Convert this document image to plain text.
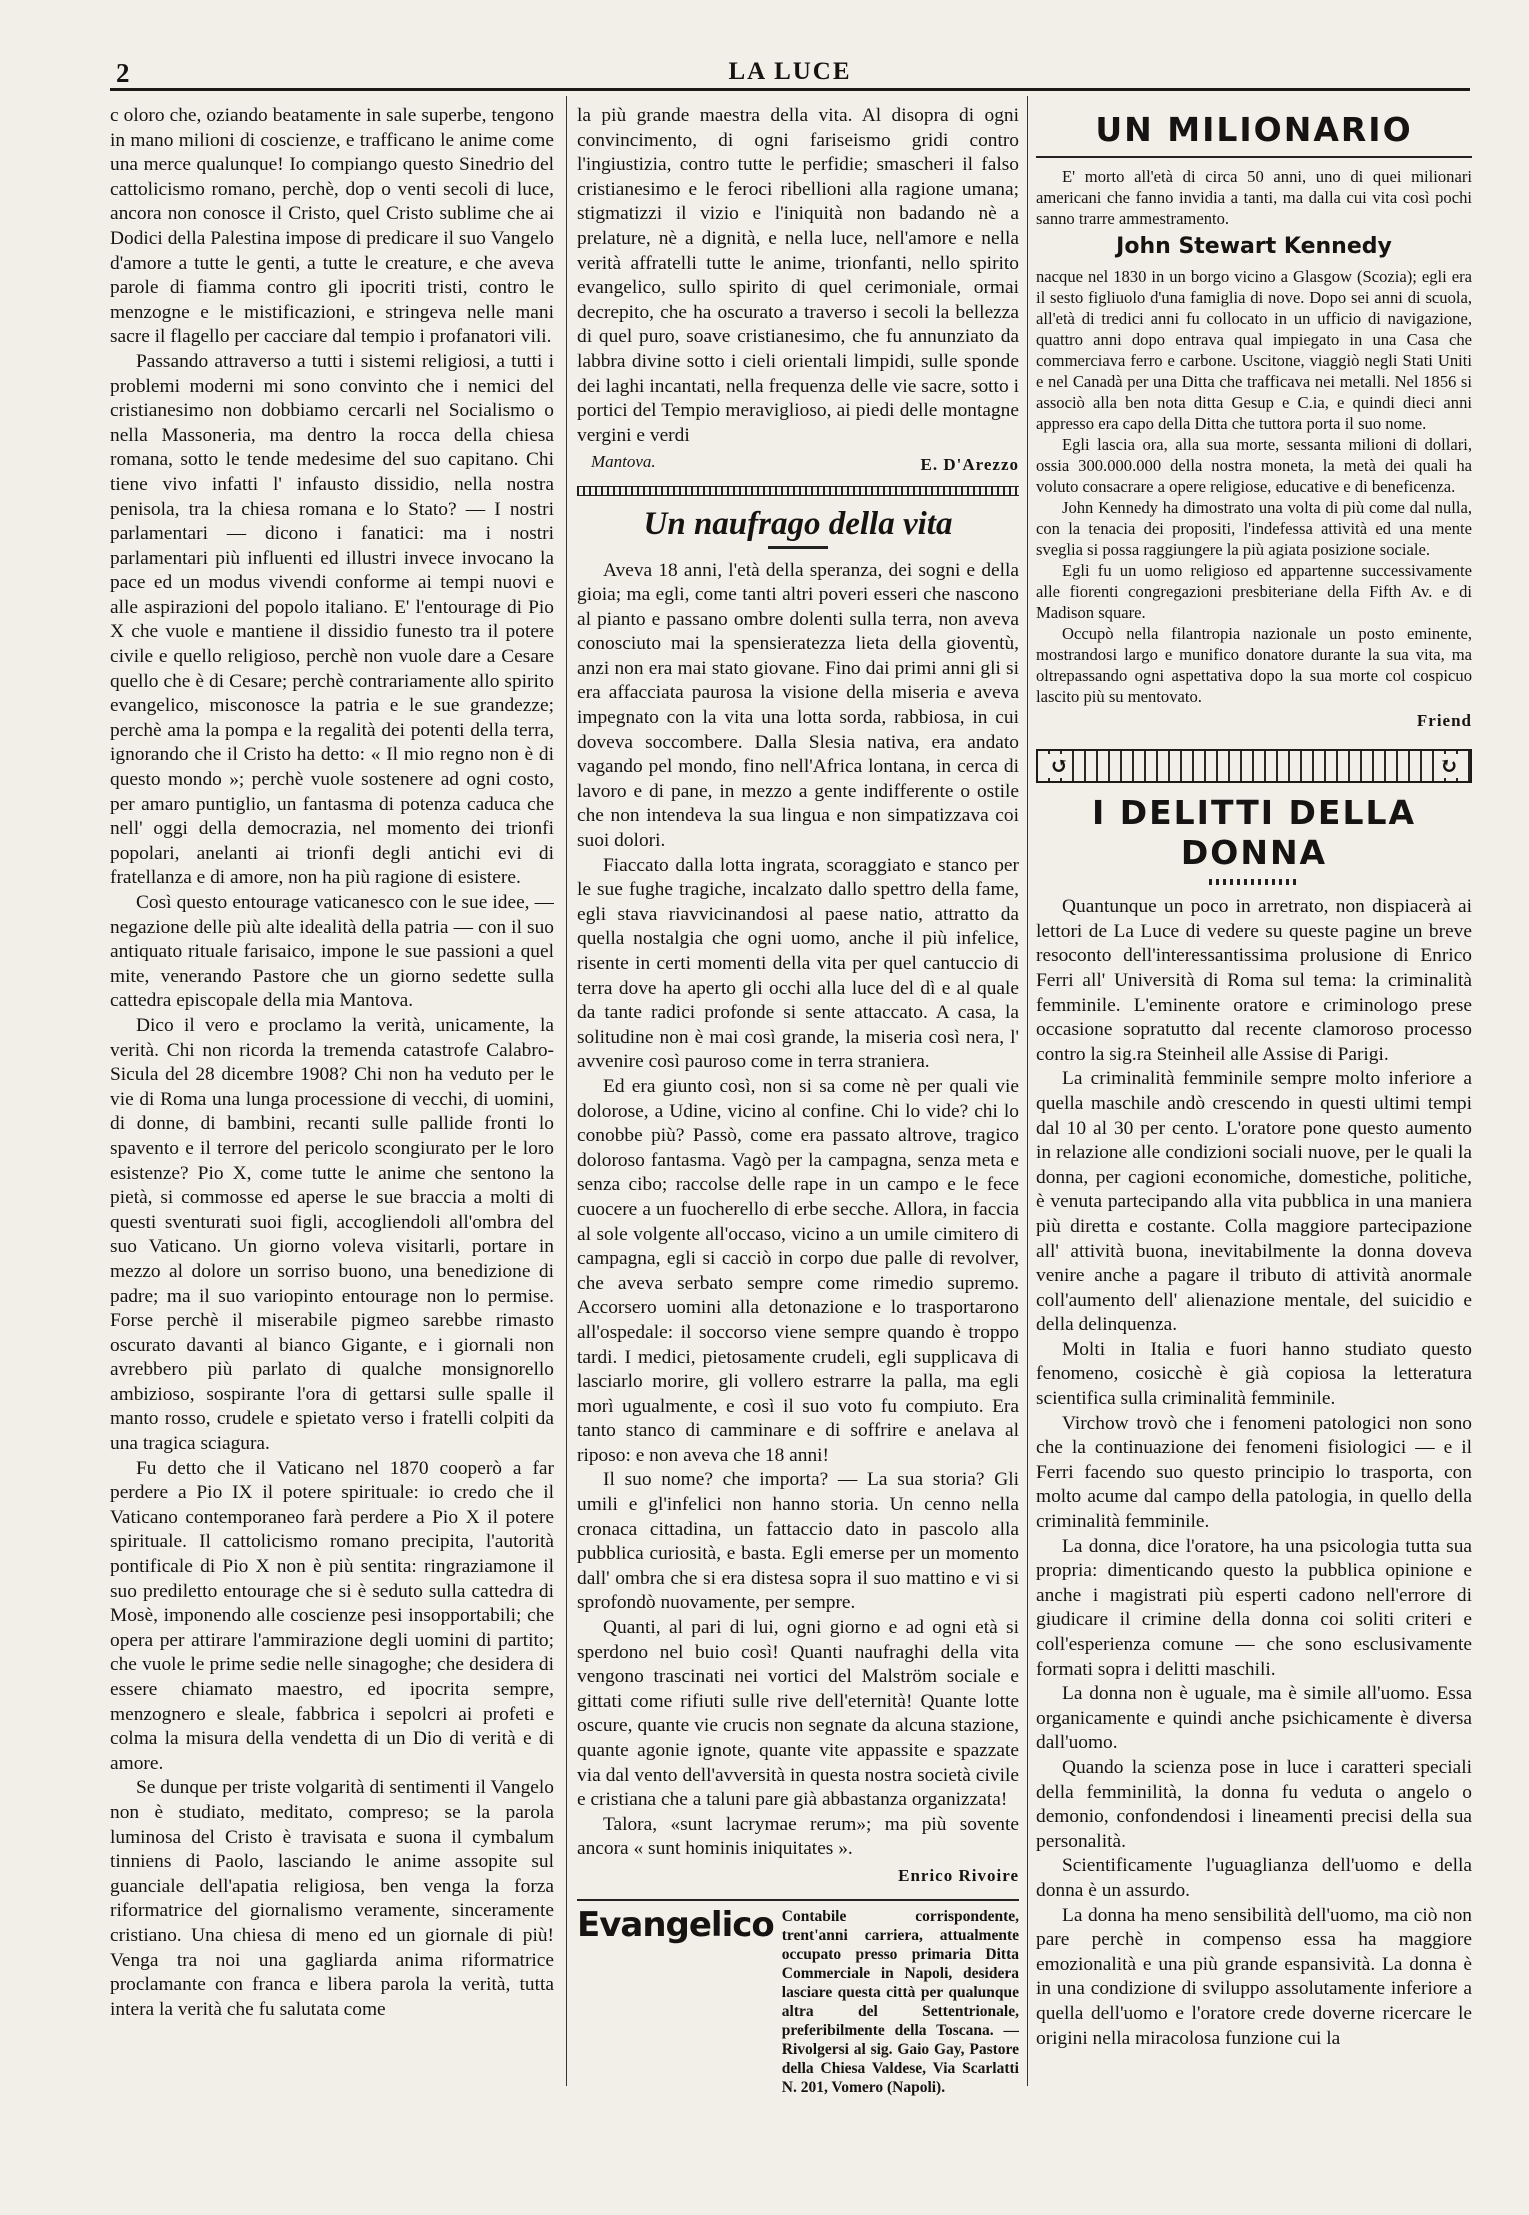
2	LA LUCE

c oloro che, oziando beatamente in sale superbe, tengono in mano milioni di coscienze, e trafficano le anime come una merce qualunque! Io compiango questo Sinedrio del cattolicismo romano, perchè, dop o venti secoli di luce, ancora non conosce il Cristo, quel Cristo sublime che ai Dodici della Palestina impose di predicare il suo Vangelo d'amore a tutte le genti, a tutte le creature, e che aveva parole di fiamma contro gli ipocriti tristi, contro le menzogne e le mistificazioni, e stringeva nelle mani sacre il flagello per cacciare dal tempio i profanatori vili.

Passando attraverso a tutti i sistemi religiosi, a tutti i problemi moderni mi sono convinto che i nemici del cristianesimo non dobbiamo cercarli nel Socialismo o nella Massoneria, ma dentro la rocca della chiesa romana, sotto le tende medesime del suo capitano. Chi tiene vivo infatti l' infausto dissidio, nella nostra penisola, tra la chiesa romana e lo Stato? — I nostri parlamentari — dicono i fanatici: ma i nostri parlamentari più influenti ed illustri invece invocano la pace ed un modus vivendi conforme ai tempi nuovi e alle aspirazioni del popolo italiano. E' l'entourage di Pio X che vuole e mantiene il dissidio funesto tra il potere civile e quello religioso, perchè non vuole dare a Cesare quello che è di Cesare; perchè contrariamente allo spirito evangelico, misconosce la patria e le sue grandezze; perchè ama la pompa e la regalità dei potenti della terra, ignorando che il Cristo ha detto: « Il mio regno non è di questo mondo »; perchè vuole sostenere ad ogni costo, per amaro puntiglio, un fantasma di potenza caduca che nell' oggi della democrazia, nel momento dei trionfi popolari, anelanti ai trionfi degli antichi evi di fratellanza e di amore, non ha più ragione di esistere.

Così questo entourage vaticanesco con le sue idee, — negazione delle più alte idealità della patria — con il suo antiquato rituale farisaico, impone le sue passioni a quel mite, venerando Pastore che un giorno sedette sulla cattedra episcopale della mia Mantova.

Dico il vero e proclamo la verità, unicamente, la verità. Chi non ricorda la tremenda catastrofe Calabro-Sicula del 28 dicembre 1908? Chi non ha veduto per le vie di Roma una lunga processione di vecchi, di uomini, di donne, di bambini, recanti sulle pallide fronti lo spavento e il terrore del pericolo scongiurato per le loro esistenze? Pio X, come tutte le anime che sentono la pietà, si commosse ed aperse le sue braccia a molti di questi sventurati suoi figli, accogliendoli all'ombra del suo Vaticano. Un giorno voleva visitarli, portare in mezzo al dolore un sorriso buono, una benedizione di padre; ma il suo variopinto entourage non lo permise. Forse perchè il miserabile pigmeo sarebbe rimasto oscurato davanti al bianco Gigante, e i giornali non avrebbero più parlato di qualche monsignorello ambizioso, sospirante l'ora di gettarsi sulle spalle il manto rosso, crudele e spietato verso i fratelli colpiti da una tragica sciagura.

Fu detto che il Vaticano nel 1870 cooperò a far perdere a Pio IX il potere spirituale: io credo che il Vaticano contemporaneo farà perdere a Pio X il potere spirituale. Il cattolicismo romano precipita, l'autorità pontificale di Pio X non è più sentita: ringraziamone il suo prediletto entourage che si è seduto sulla cattedra di Mosè, imponendo alle coscienze pesi insopportabili; che opera per attirare l'ammirazione degli uomini di partito; che vuole le prime sedie nelle sinagoghe; che desidera di essere chiamato maestro, ed ipocrita sempre, menzognero e sleale, fabbrica i sepolcri ai profeti e colma la misura della vendetta di un Dio di verità e di amore.

Se dunque per triste volgarità di sentimenti il Vangelo non è studiato, meditato, compreso; se la parola luminosa del Cristo è travisata e suona il cymbalum tinniens di Paolo, lasciando le anime assopite sul guanciale dell'apatia religiosa, ben venga la forza riformatrice del giornalismo veramente, sinceramente cristiano. Una chiesa di meno ed un giornale di più! Venga tra noi una gagliarda anima riformatrice proclamante con franca e libera parola la verità, tutta intera la verità che fu salutata come

la più grande maestra della vita. Al disopra di ogni convincimento, di ogni fariseismo gridi contro l'ingiustizia, contro tutte le perfidie; smascheri il falso cristianesimo e le feroci ribellioni alla ragione umana; stigmatizzi il vizio e l'iniquità non badando nè a prelature, nè a dignità, e nella luce, nell'amore e nella verità affratelli tutte le anime, trionfanti, nello spirito evangelico, sullo spirito di quel cerimoniale, ormai decrepito, che ha oscurato a traverso i secoli la bellezza di quel puro, soave cristianesimo, che fu annunziato da labbra divine sotto i cieli orientali limpidi, sulle sponde dei laghi incantati, nella frequenza delle vie sacre, sotto i portici del Tempio meraviglioso, ai piedi delle montagne vergini e verdi

Mantova.	E. D'Arezzo
Un naufrago della vita

Aveva 18 anni, l'età della speranza, dei sogni e della gioia; ma egli, come tanti altri poveri esseri che nascono al pianto e passano ombre dolenti sulla terra, non aveva conosciuto mai la spensieratezza lieta della gioventù, anzi non era mai stato giovane. Fino dai primi anni gli si era affacciata paurosa la visione della miseria e aveva impegnato con la vita una lotta sorda, rabbiosa, in cui doveva soccombere. Dalla Slesia nativa, era andato vagando pel mondo, fino nell'Africa lontana, in cerca di lavoro e di pane, in mezzo a gente indifferente o ostile che non intendeva la sua lingua e non simpatizzava coi suoi dolori.

Fiaccato dalla lotta ingrata, scoraggiato e stanco per le sue fughe tragiche, incalzato dallo spettro della fame, egli stava riavvicinandosi al paese natio, attratto da quella nostalgia che ogni uomo, anche il più infelice, risente in certi momenti della vita per quel cantuccio di terra dove ha aperto gli occhi alla luce del dì e al quale da tante radici profonde si sente attaccato. A casa, la solitudine non è mai così grande, la miseria così nera, l' avvenire così pauroso come in terra straniera.

Ed era giunto così, non si sa come nè per quali vie dolorose, a Udine, vicino al confine. Chi lo vide? chi lo conobbe più? Passò, come era passato altrove, tragico doloroso fantasma. Vagò per la campagna, senza meta e senza cibo; raccolse delle rape in un campo e le fece cuocere a un fuocherello di erbe secche. Allora, in faccia al sole volgente all'occaso, vicino a un umile cimitero di campagna, egli si cacciò in corpo due palle di revolver, che aveva serbato sempre come rimedio supremo. Accorsero uomini alla detonazione e lo trasportarono all'ospedale: il soccorso viene sempre quando è troppo tardi. I medici, pietosamente crudeli, egli supplicava di lasciarlo morire, gli vollero estrarre la palla, ma egli morì ugualmente, e così il suo voto fu compiuto. Era tanto stanco di camminare e di soffrire e anelava al riposo: e non aveva che 18 anni!

Il suo nome? che importa? — La sua storia? Gli umili e gl'infelici non hanno storia. Un cenno nella cronaca cittadina, un fattaccio dato in pascolo alla pubblica curiosità, e basta. Egli emerse per un momento dall' ombra che si era distesa sopra il suo mattino e vi si sprofondò nuovamente, per sempre.

Quanti, al pari di lui, ogni giorno e ad ogni età si sperdono nel buio così! Quanti naufraghi della vita vengono trascinati nei vortici del Malström sociale e gittati come rifiuti sulle rive dell'eternità! Quante lotte oscure, quante vie crucis non segnate da alcuna stazione, quante agonie ignote, quante vite appassite e spazzate via dal vento dell'avversità in questa nostra società civile e cristiana che a taluni pare già abbastanza organizzata!

Talora, «sunt lacrymae rerum»; ma più sovente ancora « sunt hominis iniquitates ».

Enrico Rivoire
Evangelico Contabile corrispondente, trent'anni carriera, attualmente occupato presso primaria Ditta Commerciale in Napoli, desidera lasciare questa città per qualunque altra del Settentrionale, preferibilmente della Toscana. — Rivolgersi al sig. Gaio Gay, Pastore della Chiesa Valdese, Via Scarlatti N. 201, Vomero (Napoli).
UN MILIONARIO

E' morto all'età di circa 50 anni, uno di quei milionari americani che fanno invidia a tanti, ma dalla cui vita così pochi sanno trarre ammestramento.

John Stewart Kennedy

nacque nel 1830 in un borgo vicino a Glasgow (Scozia); egli era il sesto figliuolo d'una famiglia di nove. Dopo sei anni di scuola, all'età di tredici anni fu collocato in un ufficio di navigazione, quattro anni dopo entrava qual impiegato in una Casa che commerciava ferro e carbone. Uscitone, viaggiò negli Stati Uniti e nel Canadà per una Ditta che trafficava nei metalli. Nel 1856 si associò alla ben nota ditta Gesup e C.ia, e quindi dieci anni appresso era capo della Ditta che tuttora porta il suo nome.

Egli lascia ora, alla sua morte, sessanta milioni di dollari, ossia 300.000.000 della nostra moneta, la metà dei quali ha voluto consacrare a opere religiose, educative e di beneficenza.

John Kennedy ha dimostrato una volta di più come dal nulla, con la tenacia dei propositi, l'indefessa attività ed una mente sveglia si possa raggiungere la più agiata posizione sociale.

Egli fu un uomo religioso ed appartenne successivamente alle fiorenti congregazioni presbiteriane della Fifth Av. e di Madison square.

Occupò nella filantropia nazionale un posto eminente, mostrandosi largo e munifico donatore durante la sua vita, ma oltrepassando ogni aspettativa dopo la sua morte col cospicuo lascito più su mentovato.

Friend
↺	↻
I DELITTI DELLA DONNA

Quantunque un poco in arretrato, non dispiacerà ai lettori de La Luce di vedere su queste pagine un breve resoconto dell'interessantissima prolusione di Enrico Ferri all' Università di Roma sul tema: la criminalità femminile. L'eminente oratore e criminologo prese occasione sopratutto dal recente clamoroso processo contro la sig.ra Steinheil alle Assise di Parigi.

La criminalità femminile sempre molto inferiore a quella maschile andò crescendo in questi ultimi tempi dal 10 al 30 per cento. L'oratore pone questo aumento in relazione alle condizioni sociali nuove, per le quali la donna, per cagioni economiche, domestiche, politiche, è venuta partecipando alla vita pubblica in una maniera più diretta e costante. Colla maggiore partecipazione all' attività buona, inevitabilmente la donna doveva venire anche a pagare il tributo di attività anormale coll'aumento dell' alienazione mentale, del suicidio e della delinquenza.

Molti in Italia e fuori hanno studiato questo fenomeno, cosicchè è già copiosa la letteratura scientifica sulla criminalità femminile.

Virchow trovò che i fenomeni patologici non sono che la continuazione dei fenomeni fisiologici — e il Ferri facendo suo questo principio lo trasporta, con molto acume dal campo della patologia, in quello della criminalità femminile.

La donna, dice l'oratore, ha una psicologia tutta sua propria: dimenticando questo la pubblica opinione e anche i magistrati più esperti cadono nell'errore di giudicare il crimine della donna coi soliti criteri e coll'esperienza comune — che sono esclusivamente formati sopra i delitti maschili.

La donna non è uguale, ma è simile all'uomo. Essa organicamente e quindi anche psichicamente è diversa dall'uomo.

Quando la scienza pose in luce i caratteri speciali della femminilità, la donna fu veduta o angelo o demonio, confondendosi i lineamenti precisi della sua personalità.

Scientificamente l'uguaglianza dell'uomo e della donna è un assurdo.

La donna ha meno sensibilità dell'uomo, ma ciò non pare perchè in compenso essa ha maggiore emozionalità e una più grande espansività. La donna è in una condizione di sviluppo assolutamente inferiore a quella dell'uomo e l'oratore crede doverne ricercare le origini nella miracolosa funzione cui la
